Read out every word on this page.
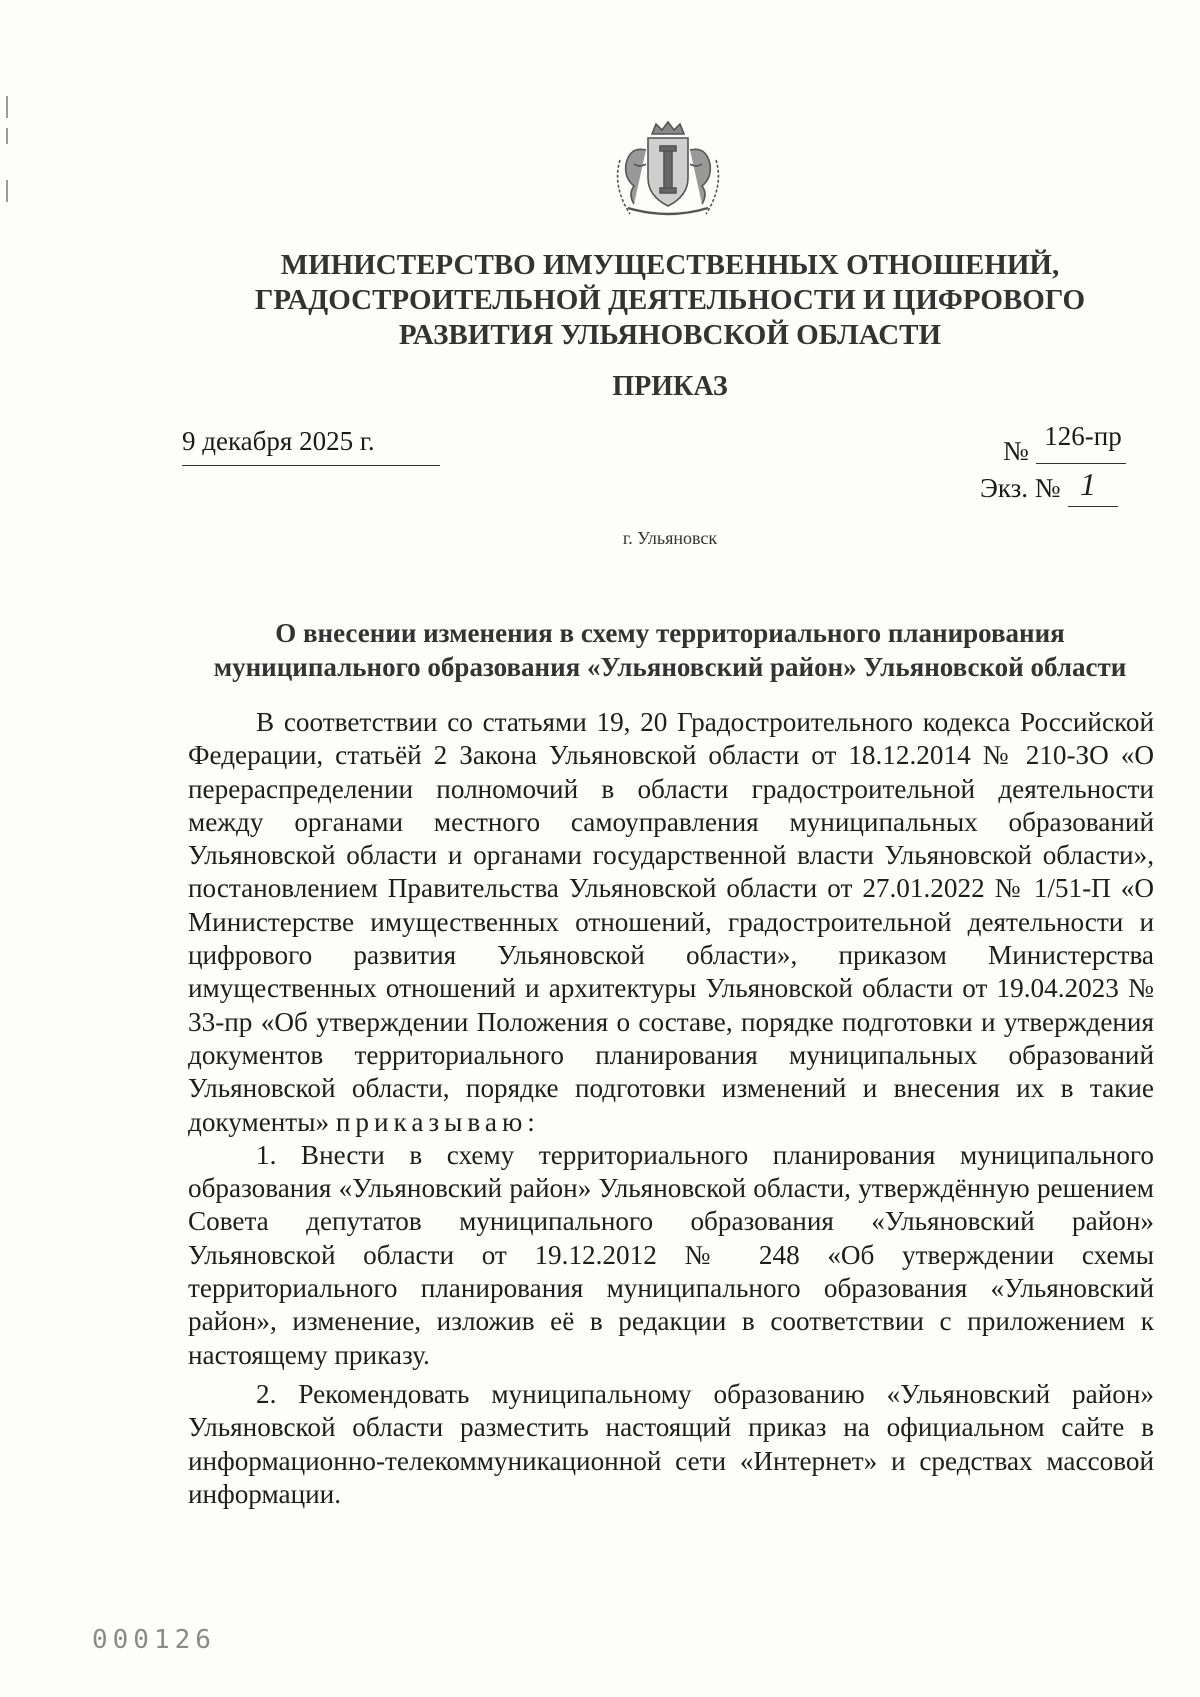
МИНИСТЕРСТВО ИМУЩЕСТВЕННЫХ ОТНОШЕНИЙ,
ГРАДОСТРОИТЕЛЬНОЙ ДЕЯТЕЛЬНОСТИ И ЦИФРОВОГО
РАЗВИТИЯ УЛЬЯНОВСКОЙ ОБЛАСТИ
ПРИКАЗ
9 декабря 2025 г.	№ 126-пр
Экз. № 1
г. Ульяновск
О внесении изменения в схему территориального планирования
муниципального образования «Ульяновский район» Ульяновской области

В соответствии со статьями 19, 20 Градостроительного кодекса Российской Федерации, статьёй 2 Закона Ульяновской области от 18.12.2014 № 210-ЗО «О перераспределении полномочий в области градостроительной деятельности между органами местного самоуправления муниципальных образований Ульяновской области и органами государственной власти Ульяновской области», постановлением Правительства Ульяновской области от 27.01.2022 № 1/51-П «О Министерстве имущественных отношений, градостроительной деятельности и цифрового развития Ульяновской области», приказом Министерства имущественных отношений и архитектуры Ульяновской области от 19.04.2023 № 33-пр «Об утверждении Положения о составе, порядке подготовки и утверждения документов территориального планирования муниципальных образований Ульяновской области, порядке подготовки изменений и внесения их в такие документы» приказываю:

1. Внести в схему территориального планирования муниципального образования «Ульяновский район» Ульяновской области, утверждённую решением Совета депутатов муниципального образования «Ульяновский район» Ульяновской области от 19.12.2012 № 248 «Об утверждении схемы территориального планирования муниципального образования «Ульяновский район», изменение, изложив её в редакции в соответствии с приложением к настоящему приказу.

2. Рекомендовать муниципальному образованию «Ульяновский район» Ульяновской области разместить настоящий приказ на официальном сайте в информационно-телекоммуникационной сети «Интернет» и средствах массовой информации.

000126
